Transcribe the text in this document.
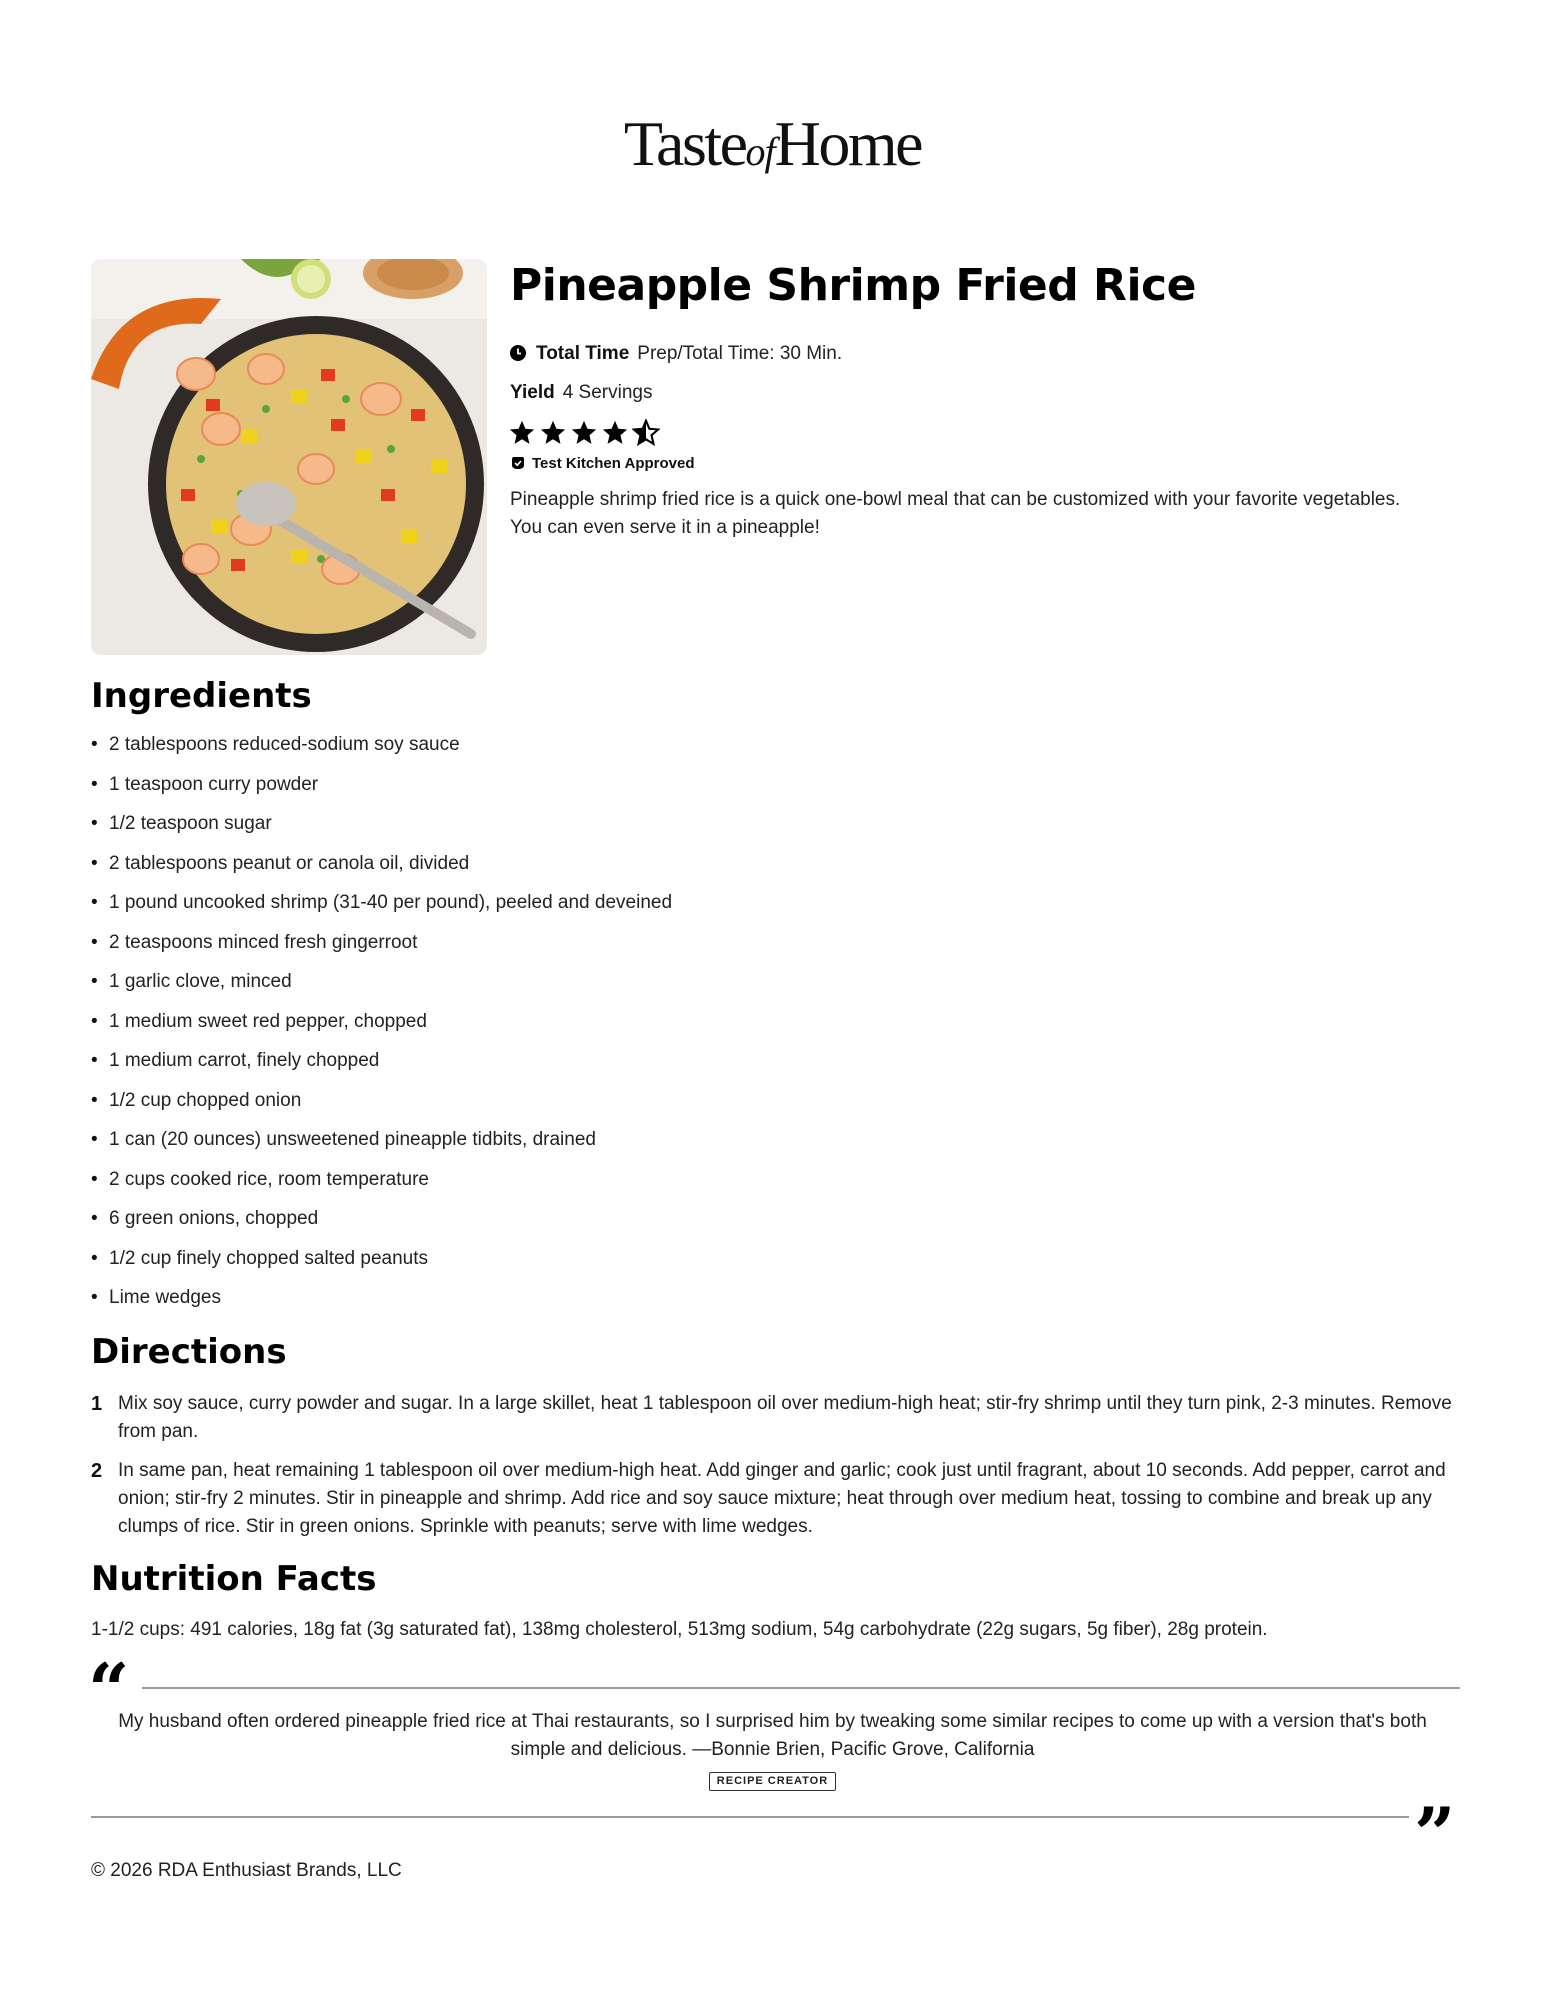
TasteofHome
Pineapple Shrimp Fried Rice
Total Time Prep/Total Time: 30 Min.
Yield 4 Servings
Test Kitchen Approved

Pineapple shrimp fried rice is a quick one-bowl meal that can be customized with your favorite vegetables. You can even serve it in a pineapple!

Ingredients
• 2 tablespoons reduced-sodium soy sauce
• 1 teaspoon curry powder
• 1/2 teaspoon sugar
• 2 tablespoons peanut or canola oil, divided
• 1 pound uncooked shrimp (31-40 per pound), peeled and deveined
• 2 teaspoons minced fresh gingerroot
• 1 garlic clove, minced
• 1 medium sweet red pepper, chopped
• 1 medium carrot, finely chopped
• 1/2 cup chopped onion
• 1 can (20 ounces) unsweetened pineapple tidbits, drained
• 2 cups cooked rice, room temperature
• 6 green onions, chopped
• 1/2 cup finely chopped salted peanuts
• Lime wedges
Directions
1 Mix soy sauce, curry powder and sugar. In a large skillet, heat 1 tablespoon oil over medium-high heat; stir-fry shrimp until they turn pink, 2-3 minutes. Remove from pan.
2 In same pan, heat remaining 1 tablespoon oil over medium-high heat. Add ginger and garlic; cook just until fragrant, about 10 seconds. Add pepper, carrot and onion; stir-fry 2 minutes. Stir in pineapple and shrimp. Add rice and soy sauce mixture; heat through over medium heat, tossing to combine and break up any clumps of rice. Stir in green onions. Sprinkle with peanuts; serve with lime wedges.
Nutrition Facts

1-1/2 cups: 491 calories, 18g fat (3g saturated fat), 138mg cholesterol, 513mg sodium, 54g carbohydrate (22g sugars, 5g fiber), 28g protein.

“

My husband often ordered pineapple fried rice at Thai restaurants, so I surprised him by tweaking some similar recipes to come up with a version that's both simple and delicious. —Bonnie Brien, Pacific Grove, California

RECIPE CREATOR
”
© 2026 RDA Enthusiast Brands, LLC
